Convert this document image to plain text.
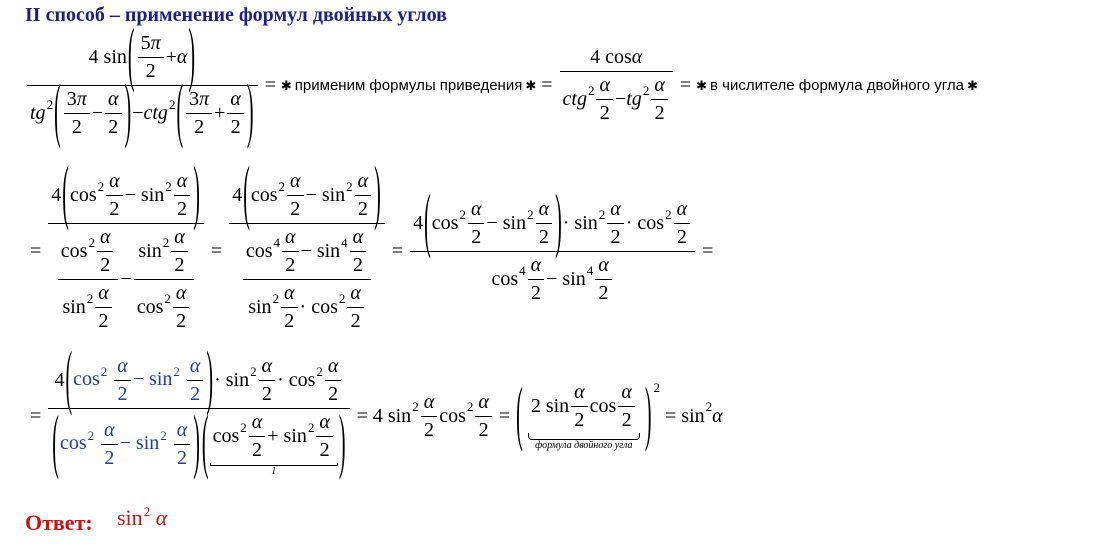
II способ – применение формул двойных углов
4 sin ( $\frac{5 \pi}{2} + \alpha$ )
tg 2 ( $\frac{3 \pi}{2} - \frac{\alpha}{2}$ ) − ctg 2 ( $\frac{3 \pi}{2} + \frac{\alpha}{2}$ ) = ✱ применим формулы приведения ✱ = $\frac{\text{4 cos α}}{ctg 2 \frac{\alpha}{2} - tg 2 \frac{\alpha}{2}}$ = ✱ в числителе формула двойного угла ✱
= $\frac{4 ( \cos 2 \frac{\alpha}{2} - \sin 2 \frac{\alpha}{2} )}{\frac{\cos 2 \frac{\alpha}{2}}{\sin 2 \frac{\alpha}{2}} - \frac{\sin 2 \frac{\alpha}{2}}{\cos 2 \frac{\alpha}{2}}} = \frac{4 ( \cos 2 \frac{\alpha}{2} - \sin 2 \frac{\alpha}{2} )}{\frac{\cos 4 \frac{\alpha}{2} - \sin 4 \frac{\alpha}{2}}{\sin 2 \frac{\alpha}{2} \cdot \cos 2 \frac{\alpha}{2}}}$ =
4 ( $\cos 2 \frac{\alpha}{2} - \sin 2 \frac{\alpha}{2}$ ) · $\sin 2 \frac{\alpha}{2} \cdot \cos 2 \frac{\alpha}{2}$
$\cos 4 \frac{\alpha}{2} - \sin 4 \frac{\alpha}{2}$
=
=
4 ( $\cos^2 \frac{\alpha}{2} - \sin^2 \frac{\alpha}{2}$ ) · $\sin 2 \frac{\alpha}{2} \cdot \cos 2 \frac{\alpha}{2}$
( $\cos^2 \frac{\alpha}{2} - \sin^2 \frac{\alpha}{2}$ ) ( $\frac{\cos 2 \frac{\alpha}{2} + \sin 2 \frac{\alpha}{2}}{1}$ ) = 4 $\sin 2 \frac{\alpha}{2}$ $\cos 2 \frac{\alpha}{2}$ = ( 2 $\sin \frac{\alpha}{2}$ $\cos \frac{\alpha}{2}$
формула двойного угла ) 2
= sin 2 α
Ответ: $\sin^2 \alpha$
